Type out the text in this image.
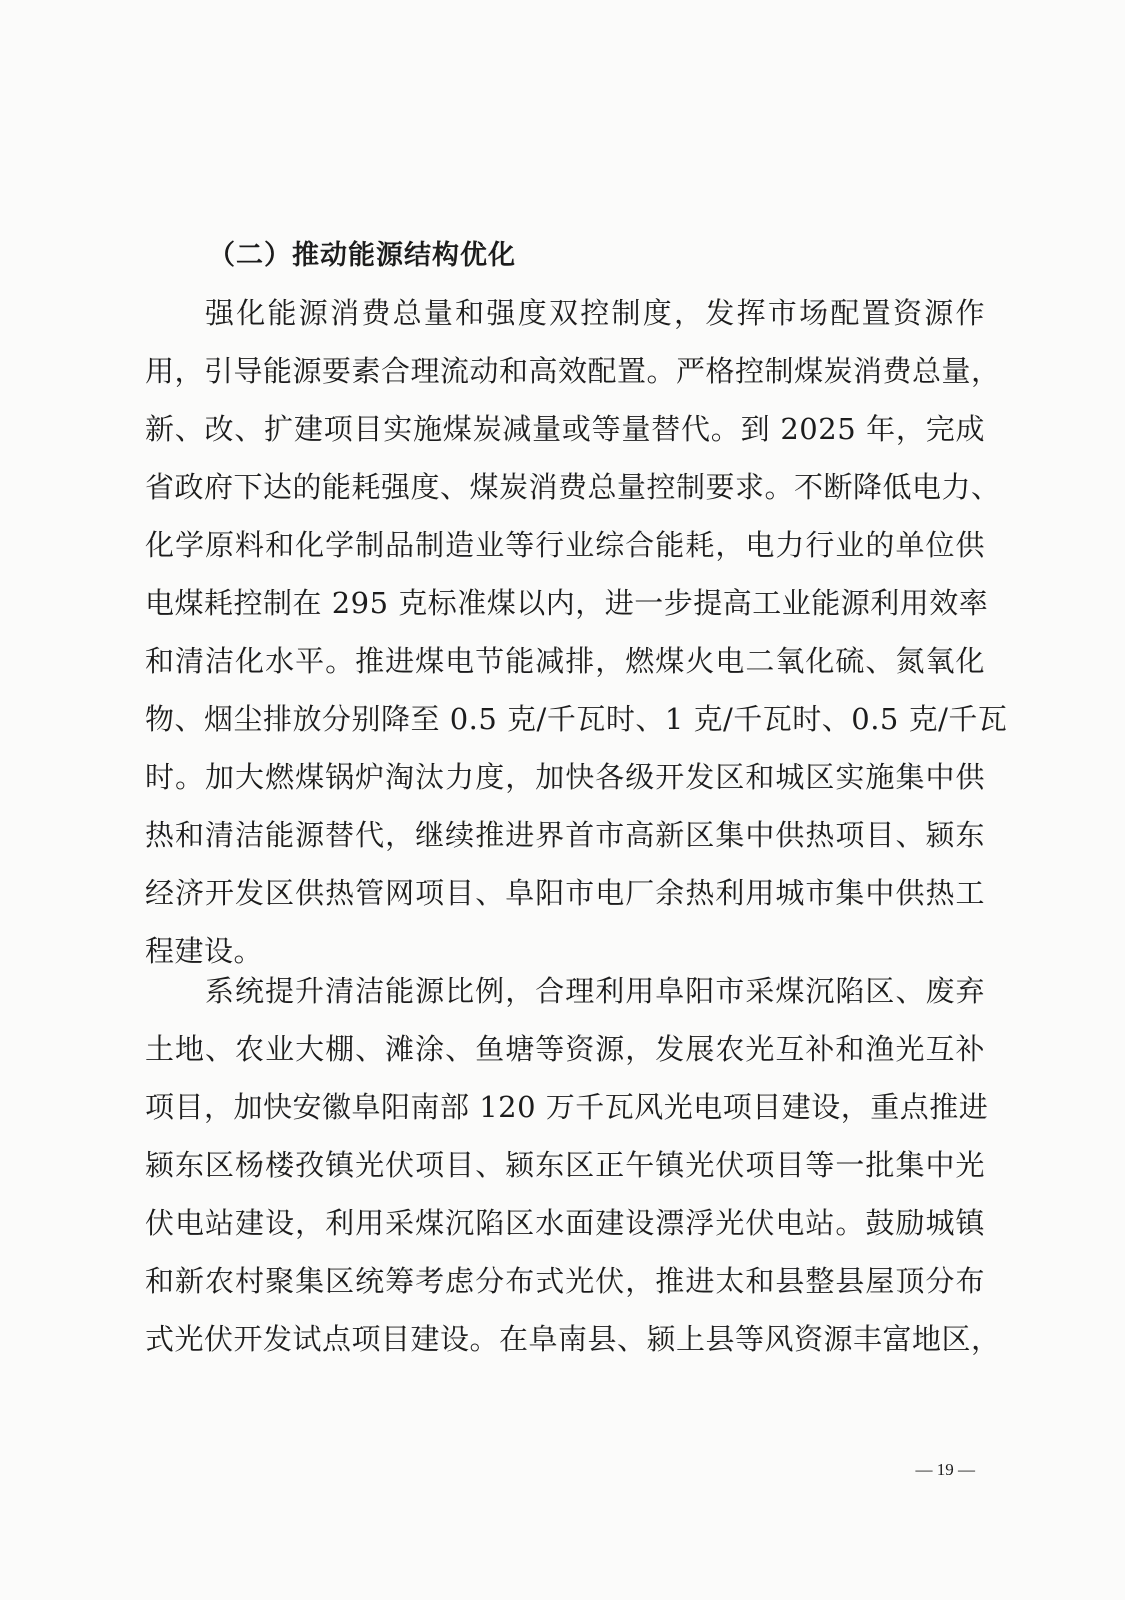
（二）推动能源结构优化
强化能源消费总量和强度双控制度，发挥市场配置资源作
用，引导能源要素合理流动和高效配置。严格控制煤炭消费总量，
新、改、扩建项目实施煤炭减量或等量替代。到 2025 年，完成
省政府下达的能耗强度、煤炭消费总量控制要求。不断降低电力、
化学原料和化学制品制造业等行业综合能耗，电力行业的单位供
电煤耗控制在 295 克标准煤以内，进一步提高工业能源利用效率
和清洁化水平。推进煤电节能减排，燃煤火电二氧化硫、氮氧化
物、烟尘排放分别降至 0.5 克/千瓦时、1 克/千瓦时、0.5 克/千瓦
时。加大燃煤锅炉淘汰力度，加快各级开发区和城区实施集中供
热和清洁能源替代，继续推进界首市高新区集中供热项目、颍东
经济开发区供热管网项目、阜阳市电厂余热利用城市集中供热工
程建设。
系统提升清洁能源比例，合理利用阜阳市采煤沉陷区、废弃
土地、农业大棚、滩涂、鱼塘等资源，发展农光互补和渔光互补
项目，加快安徽阜阳南部 120 万千瓦风光电项目建设，重点推进
颍东区杨楼孜镇光伏项目、颍东区正午镇光伏项目等一批集中光
伏电站建设，利用采煤沉陷区水面建设漂浮光伏电站。鼓励城镇
和新农村聚集区统筹考虑分布式光伏，推进太和县整县屋顶分布
式光伏开发试点项目建设。在阜南县、颍上县等风资源丰富地区，
— 19 —
